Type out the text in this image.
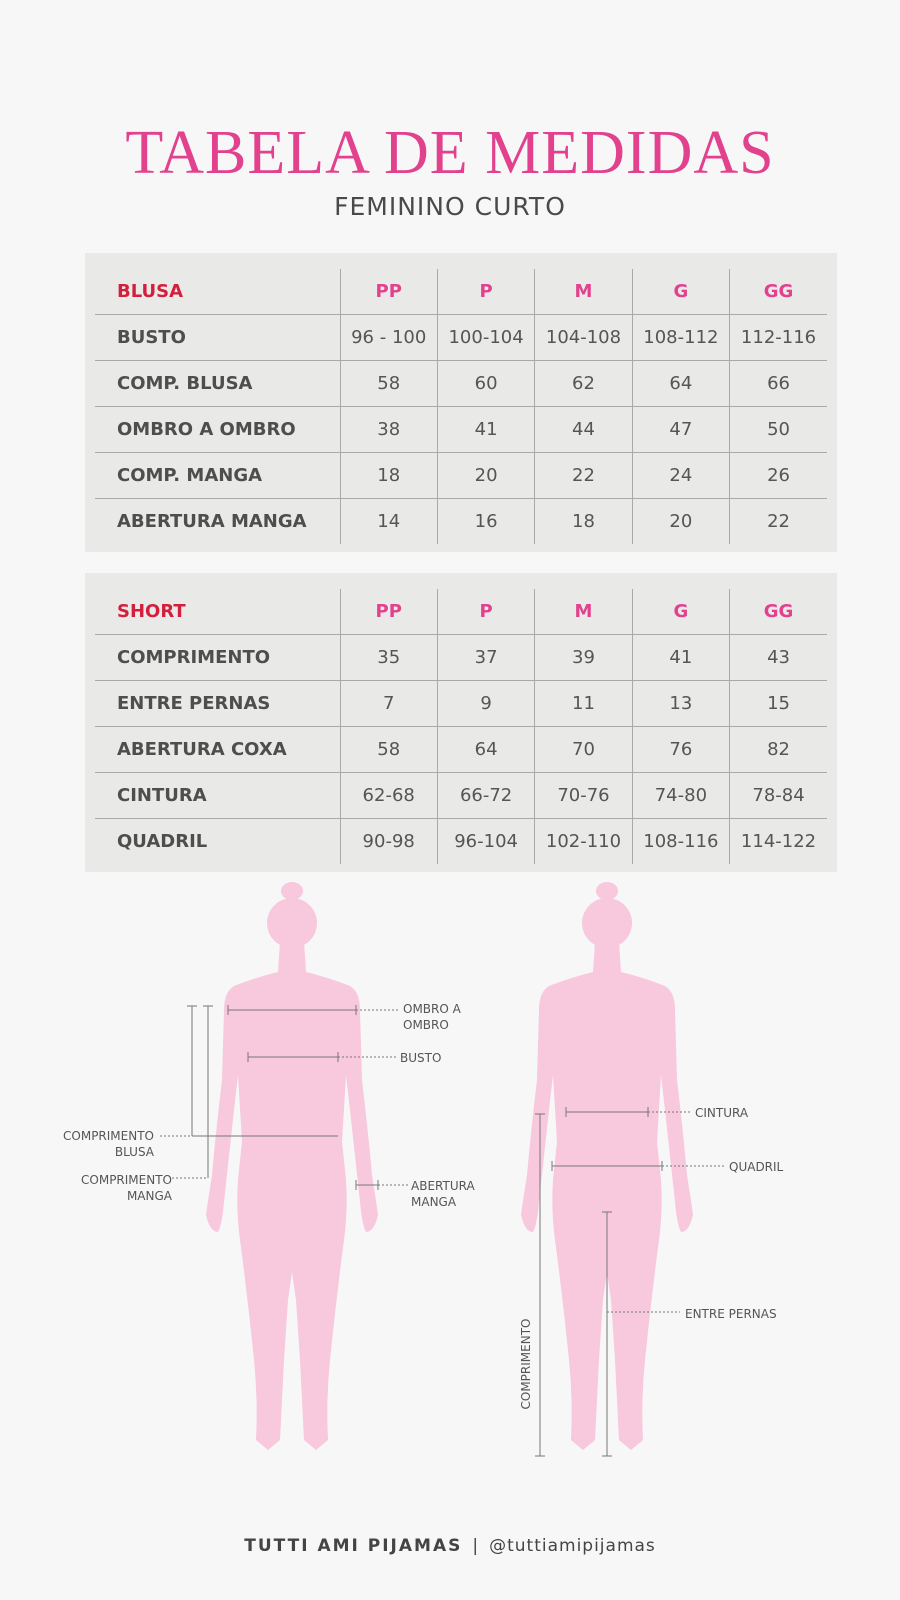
TABELA DE MEDIDAS
FEMININO CURTO
BLUSA	PP	P	M	G	GG
BUSTO	96 - 100	100-104	104-108	108-112	112-116
COMP. BLUSA	58	60	62	64	66
OMBRO A OMBRO	38	41	44	47	50
COMP. MANGA	18	20	22	24	26
ABERTURA MANGA	14	16	18	20	22
SHORT	PP	P	M	G	GG
COMPRIMENTO	35	37	39	41	43
ENTRE PERNAS	7	9	11	13	15
ABERTURA COXA	58	64	70	76	82
CINTURA	62-68	66-72	70-76	74-80	78-84
QUADRIL	90-98	96-104	102-110	108-116	114-122
COMPRIMENTO
OMBRO A
OMBRO
BUSTO
COMPRIMENTO
BLUSA
COMPRIMENTO
MANGA
ABERTURA
MANGA
CINTURA
QUADRIL
ENTRE PERNAS
TUTTI AMI PIJAMAS | @tuttiamipijamas
